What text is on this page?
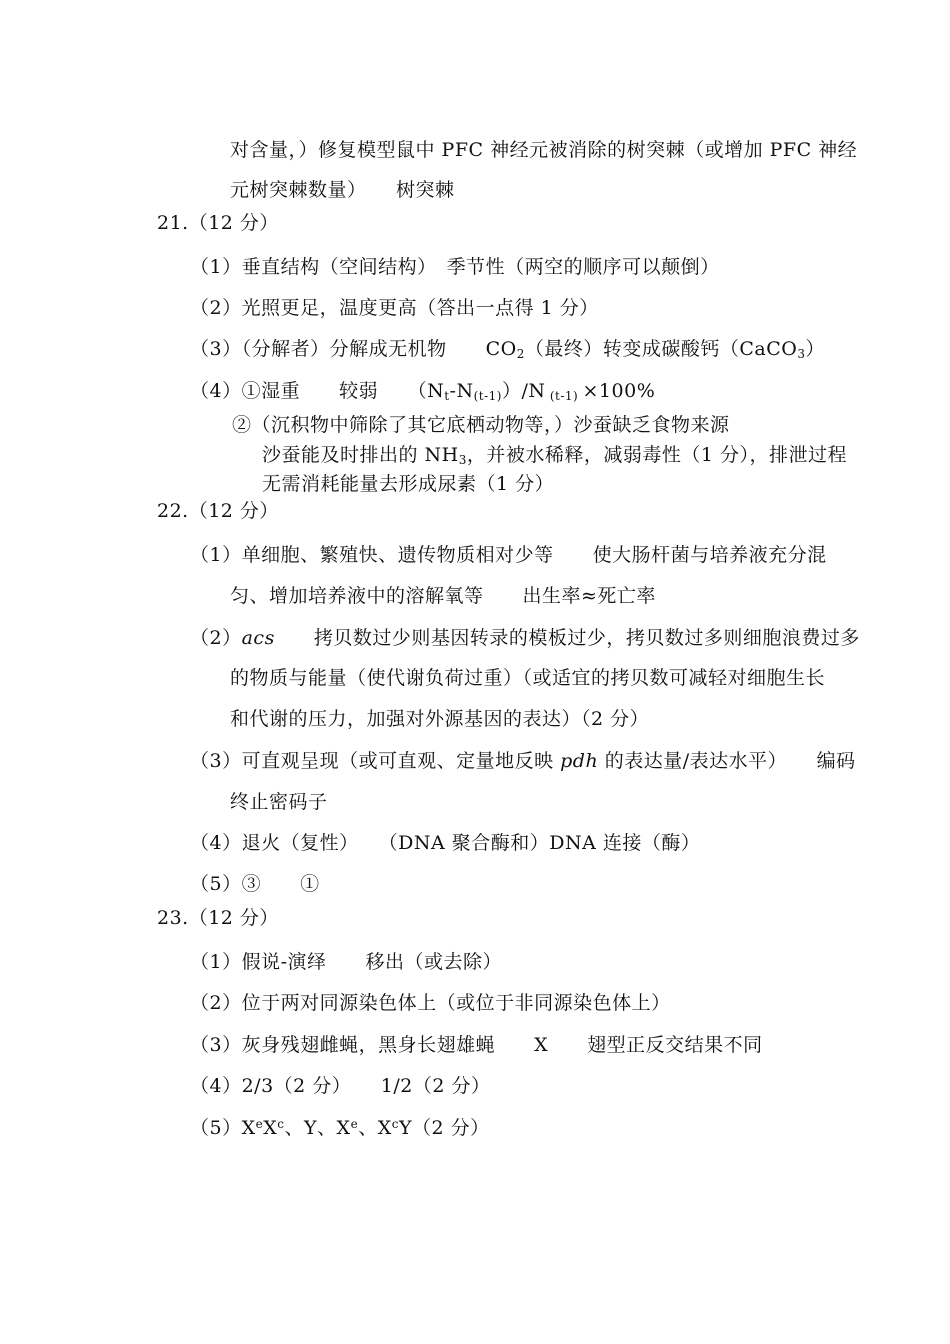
对含量，）修复模型鼠中 PFC 神经元被消除的树突棘（或增加 PFC 神经
元树突棘数量）　　树突棘
21.（12 分）
（1）垂直结构（空间结构）　季节性（两空的顺序可以颠倒）
（2）光照更足，温度更高（答出一点得 1 分）
（3）（分解者）分解成无机物　　$CO_2$（最终）转变成碳酸钙（CaCO$_3$）
（4）①湿重　　较弱　　$(N_t-N_{(t-1)})/N$ $_{(t-1)}$ ×100%
②（沉积物中筛除了其它底栖动物等，）沙蚕缺乏食物来源
沙蚕能及时排出的 $NH_3$，并被水稀释，减弱毒性（1 分），排泄过程
无需消耗能量去形成尿素（1 分）
22.（12 分）
（1）单细胞、繁殖快、遗传物质相对少等　　使大肠杆菌与培养液充分混
匀、增加培养液中的溶解氧等　　出生率≈死亡率
（2）acs　　拷贝数过少则基因转录的模板过少，拷贝数过多则细胞浪费过多
的物质与能量（使代谢负荷过重）（或适宜的拷贝数可减轻对细胞生长
和代谢的压力，加强对外源基因的表达）（2 分）
（3）可直观呈现（或可直观、定量地反映 pdh 的表达量/表达水平）　　编码
终止密码子
（4）退火（复性）　　（DNA 聚合酶和）DNA 连接（酶）
（5）③　　①
23.（12 分）
（1）假说-演绎　　移出（或去除）
（2）位于两对同源染色体上（或位于非同源染色体上）
（3）灰身残翅雌蝇，黑身长翅雄蝇　　X　　翅型正反交结果不同
（4）2/3（2 分）　　1/2（2 分）
$(5)XeX^c$、Y、Xe、$X^cY(2$ 分）
